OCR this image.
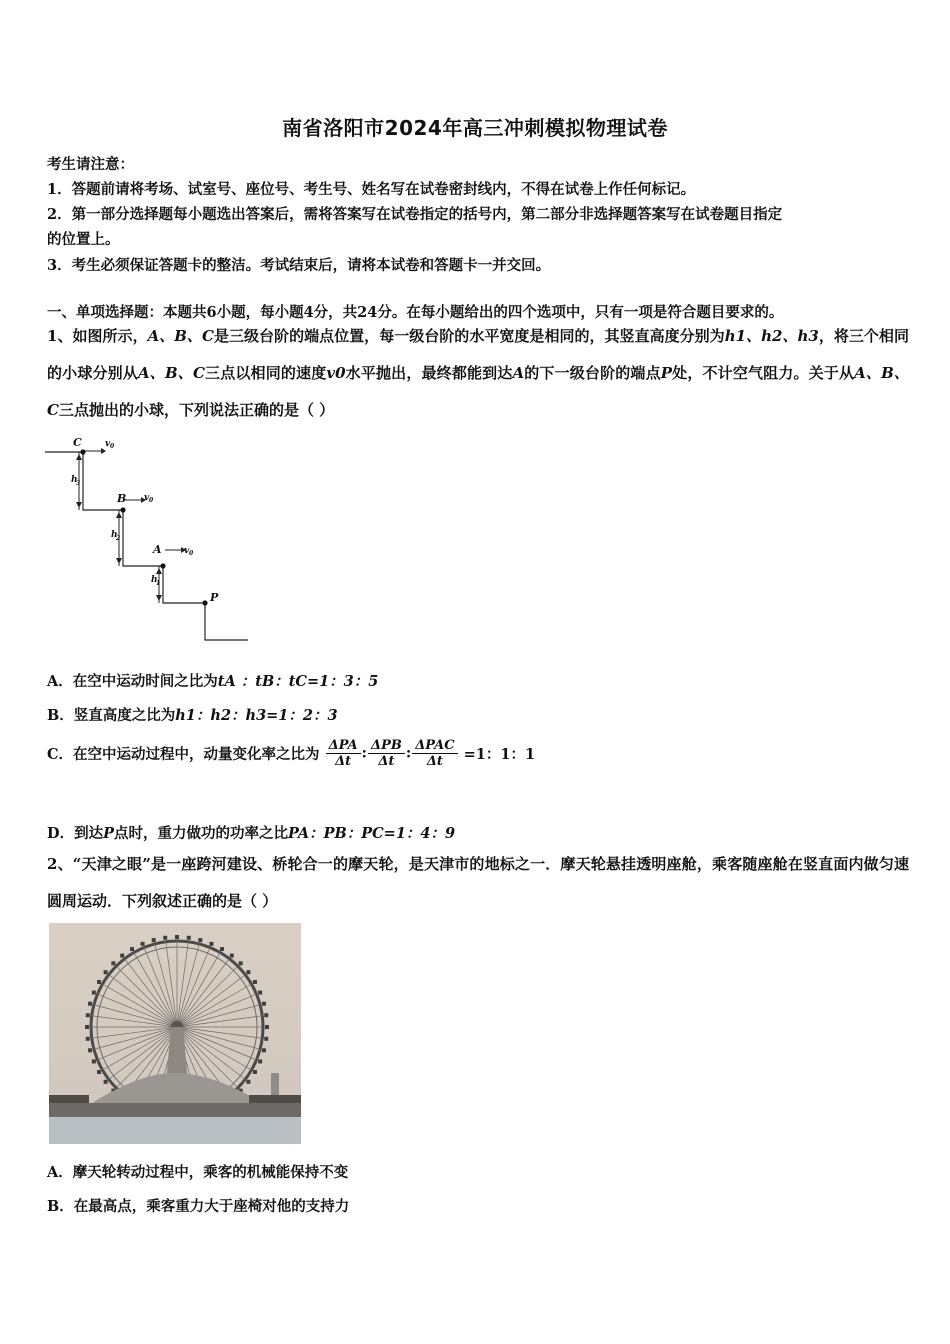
南省洛阳市2024年高三冲刺模拟物理试卷
考生请注意：
1．答题前请将考场、试室号、座位号、考生号、姓名写在试卷密封线内，不得在试卷上作任何标记。
2．第一部分选择题每小题选出答案后，需将答案写在试卷指定的括号内，第二部分非选择题答案写在试卷题目指定
的位置上。
3．考生必须保证答题卡的整洁。考试结束后，请将本试卷和答题卡一并交回。
一、单项选择题：本题共6小题，每小题4分，共24分。在每小题给出的四个选项中，只有一项是符合题目要求的。
1、如图所示，A、B、C是三级台阶的端点位置，每一级台阶的水平宽度是相同的，其竖直高度分别为h1、h2、h3，将三个相同的小球分别从A、B、C三点以相同的速度v0水平抛出，最终都能到达A的下一级台阶的端点P处，不计空气阻力。关于从A、B、C三点抛出的小球，下列说法正确的是（ ）
C
B
A
P
v 0
v 0
v 0
h
3
h
2
h
1
A．在空中运动时间之比为tA ：tB：tC=1：3：5
B．竖直高度之比为h1：h2：h3=1：2：3
C．在空中运动过程中，动量变化率之比为 $\frac{\text{ΔPA}}{\Delta t}$ : $\frac{\text{ΔPB}}{\Delta t}$ : $\frac{\text{ΔPAC}}{\Delta t} =1$：1：1
D．到达P点时，重力做功的功率之比PA：PB：PC=1：4：9
2、“天津之眼”是一座跨河建设、桥轮合一的摩天轮，是天津市的地标之一．摩天轮悬挂透明座舱，乘客随座舱在竖直面内做匀速圆周运动．下列叙述正确的是（ ）
A．摩天轮转动过程中，乘客的机械能保持不变
B．在最高点，乘客重力大于座椅对他的支持力
